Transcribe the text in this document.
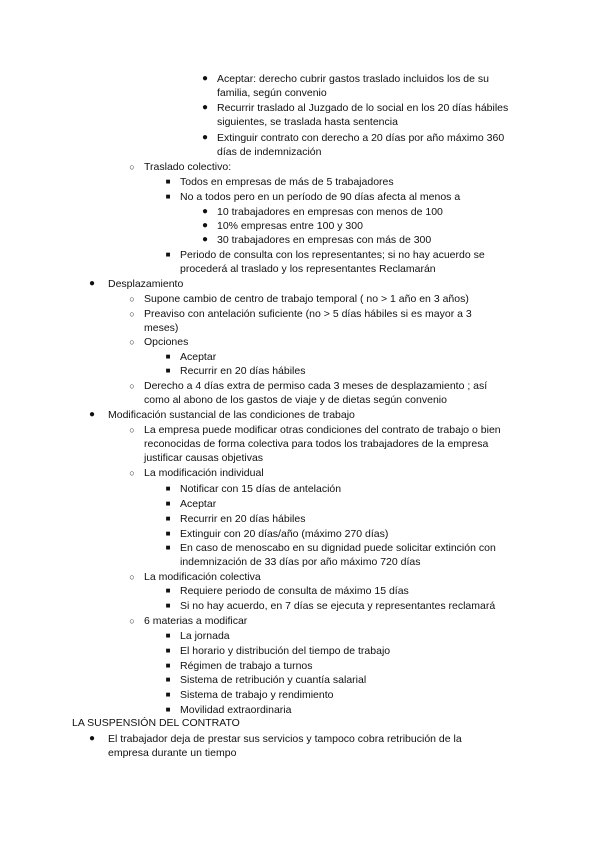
● Aceptar: derecho cubrir gastos traslado incluidos los de su
familia, según convenio
● Recurrir traslado al Juzgado de lo social en los 20 días hábiles
siguientes, se traslada hasta sentencia
● Extinguir contrato con derecho a 20 días por año máximo 360
días de indemnización
○ Traslado colectivo:
■ Todos en empresas de más de 5 trabajadores
■ No a todos pero en un período de 90 días afecta al menos a
● 10 trabajadores en empresas con menos de 100
● 10% empresas entre 100 y 300
● 30 trabajadores en empresas con más de 300
■ Periodo de consulta con los representantes; si no hay acuerdo se
procederá al traslado y los representantes Reclamarán
● Desplazamiento
○ Supone cambio de centro de trabajo temporal ( no > 1 año en 3 años)
○ Preaviso con antelación suficiente (no > 5 días hábiles si es mayor a 3
meses)
○ Opciones
■ Aceptar
■ Recurrir en 20 días hábiles
○ Derecho a 4 días extra de permiso cada 3 meses de desplazamiento ; así
como al abono de los gastos de viaje y de dietas según convenio
● Modificación sustancial de las condiciones de trabajo
○ La empresa puede modificar otras condiciones del contrato de trabajo o bien
reconocidas de forma colectiva para todos los trabajadores de la empresa
justificar causas objetivas
○ La modificación individual
■ Notificar con 15 días de antelación
■ Aceptar
■ Recurrir en 20 días hábiles
■ Extinguir con 20 días/año (máximo 270 días)
■ En caso de menoscabo en su dignidad puede solicitar extinción con
indemnización de 33 días por año máximo 720 días
○ La modificación colectiva
■ Requiere periodo de consulta de máximo 15 días
■ Si no hay acuerdo, en 7 días se ejecuta y representantes reclamará
○ 6 materias a modificar
■ La jornada
■ El horario y distribución del tiempo de trabajo
■ Régimen de trabajo a turnos
■ Sistema de retribución y cuantía salarial
■ Sistema de trabajo y rendimiento
■ Movilidad extraordinaria
LA SUSPENSIÓN DEL CONTRATO
● El trabajador deja de prestar sus servicios y tampoco cobra retribución de la
empresa durante un tiempo
